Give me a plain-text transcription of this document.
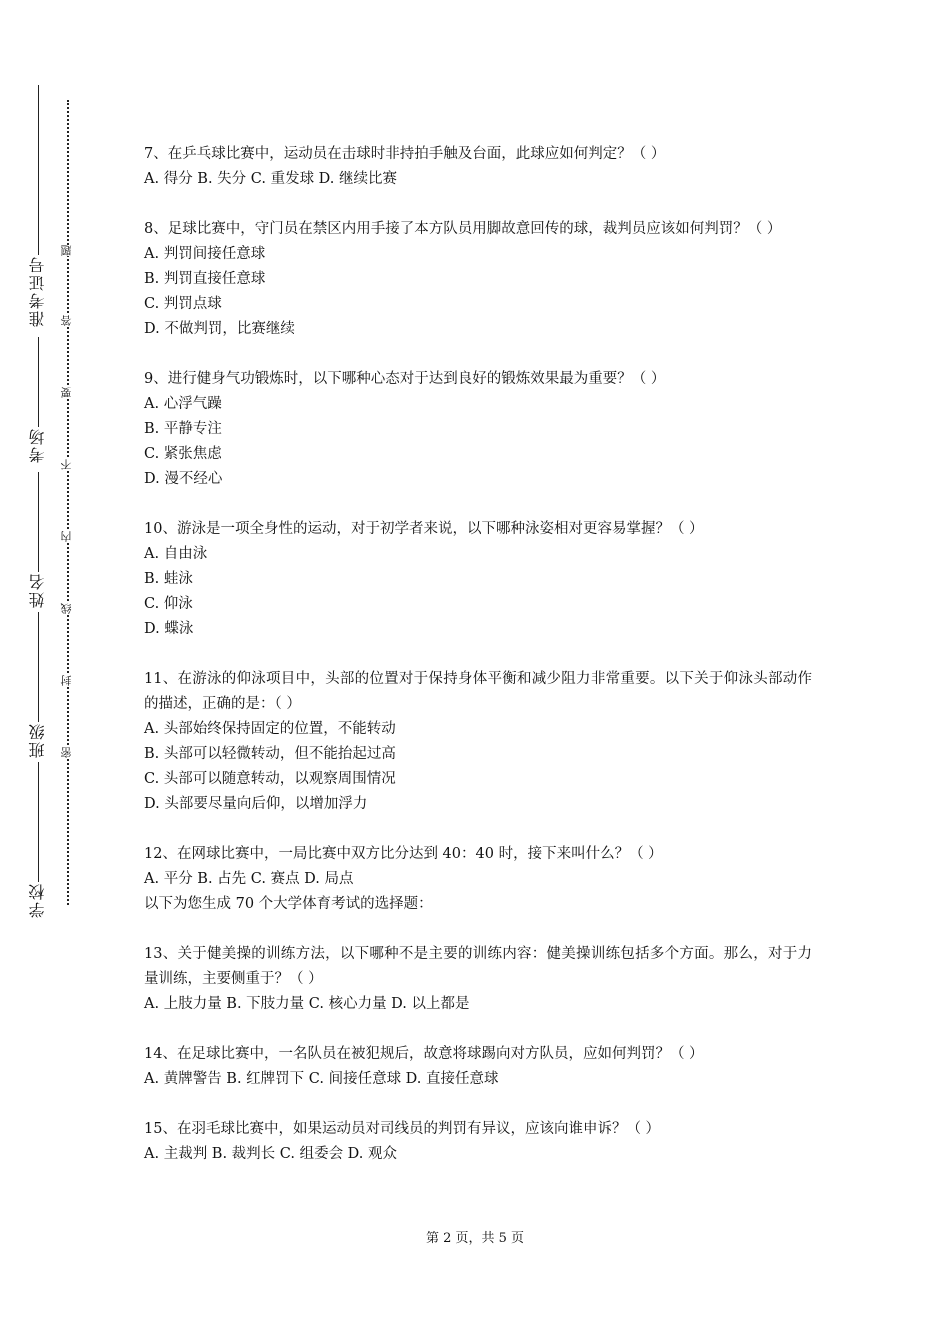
准考证号
考场
姓名
班级
学校
题
答
要
不
内
线
封
密

7、在乒乓球比赛中，运动员在击球时非持拍手触及台面，此球应如何判定？（ ）

A. 得分 B. 失分 C. 重发球 D. 继续比赛

8、足球比赛中，守门员在禁区内用手接了本方队员用脚故意回传的球，裁判员应该如何判罚？（ ）

A. 判罚间接任意球

B. 判罚直接任意球

C. 判罚点球

D. 不做判罚，比赛继续

9、进行健身气功锻炼时，以下哪种心态对于达到良好的锻炼效果最为重要？（ ）

A. 心浮气躁

B. 平静专注

C. 紧张焦虑

D. 漫不经心

10、游泳是一项全身性的运动，对于初学者来说，以下哪种泳姿相对更容易掌握？（ ）

A. 自由泳

B. 蛙泳

C. 仰泳

D. 蝶泳

11、在游泳的仰泳项目中，头部的位置对于保持身体平衡和减少阻力非常重要。以下关于仰泳头部动作的描述，正确的是：（ ）

A. 头部始终保持固定的位置，不能转动

B. 头部可以轻微转动，但不能抬起过高

C. 头部可以随意转动，以观察周围情况

D. 头部要尽量向后仰，以增加浮力

12、在网球比赛中，一局比赛中双方比分达到 40：40 时，接下来叫什么？（ ）

A. 平分 B. 占先 C. 赛点 D. 局点

以下为您生成 70 个大学体育考试的选择题：

13、关于健美操的训练方法，以下哪种不是主要的训练内容：健美操训练包括多个方面。那么，对于力量训练，主要侧重于？（ ）

A. 上肢力量 B. 下肢力量 C. 核心力量 D. 以上都是

14、在足球比赛中，一名队员在被犯规后，故意将球踢向对方队员，应如何判罚？（ ）

A. 黄牌警告 B. 红牌罚下 C. 间接任意球 D. 直接任意球

15、在羽毛球比赛中，如果运动员对司线员的判罚有异议，应该向谁申诉？（ ）

A. 主裁判 B. 裁判长 C. 组委会 D. 观众

第 2 页，共 5 页
